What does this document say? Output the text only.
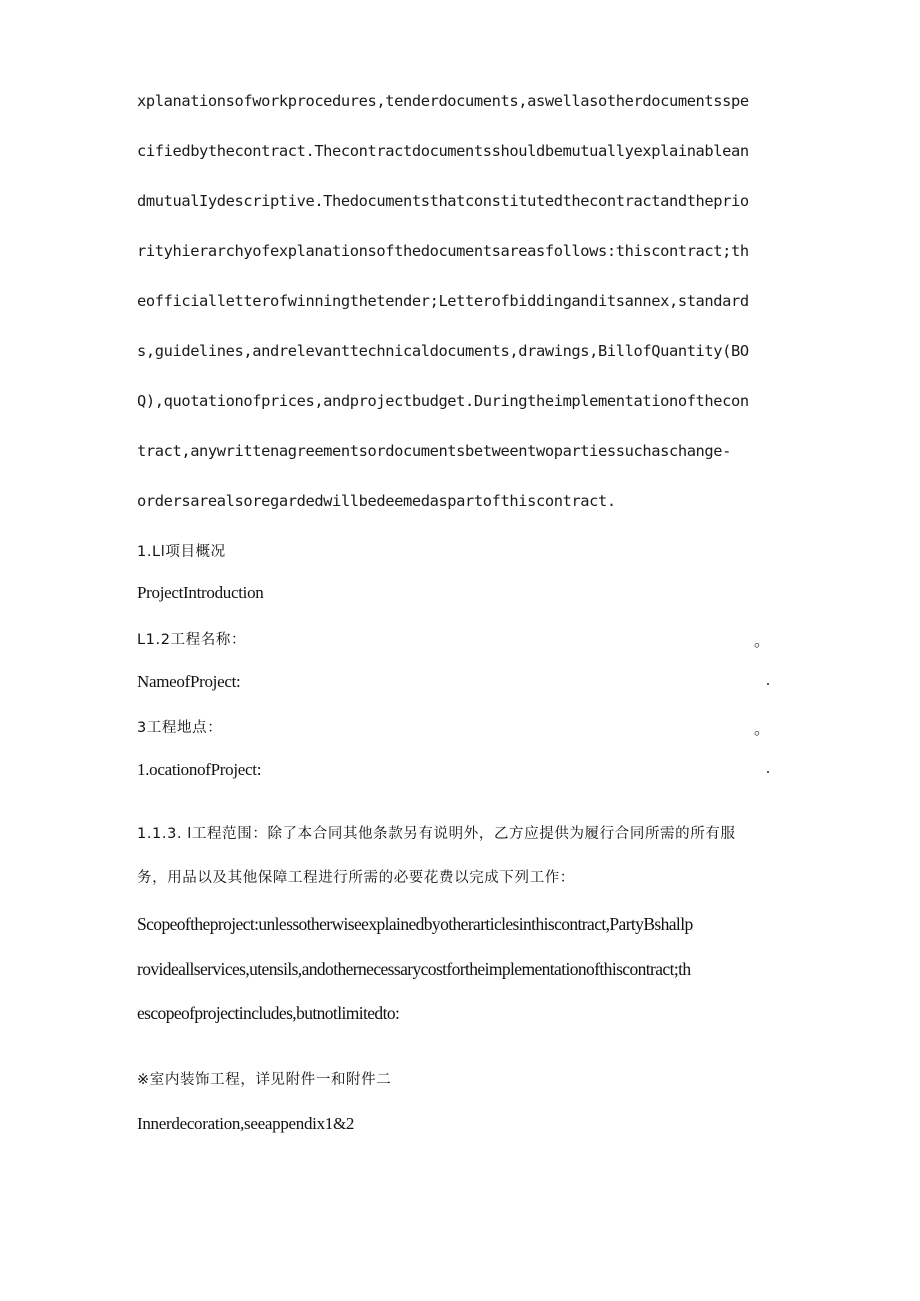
xplanationsofworkprocedures,tenderdocuments,aswellasotherdocumentsspe
cifiedbythecontract.Thecontractdocumentsshouldbemutuallyexplainablean
dmutualIydescriptive.Thedocumentsthatconstitutedthecontractandthepri​o
rityhierarchyofexplanationsofthedocumentsareasfollows:thiscontract;th
eofficialletterofwinningthetender;Letterofbiddinganditsannex,standard
s,guidelines,andrelevanttechnicaldocuments,drawings,BillofQuantity(BO
Q),quotationofprices,andprojectbudget.Duringtheimplementationofthecon
tract,anywrittenagreementsordocumentsbetweentwopartiessuchaschange-
ordersarealsoregardedwillbedeemedaspartofthiscontract.
1.Ll项目概况
ProjectIntroduction
L1.2工程名称：	。
NameofProject:	.
3工程地点：	。
1.ocationofProject:	.
1.1.3. l工程范围：除了本合同其他条款另有说明外，乙方应提供为履行合同所需的所有服
务，用品以及其他保障工程进行所需的必要花费以完成下列工作：
Scopeoftheproject:unlessotherwiseexplainedbyotherarticlesinthiscontract,PartyBshallp
rovideallservices,utensils,andothernecessarycostfortheimplementationofthiscontract;th
escopeofprojectincludes,butnotlimitedto:
※室内装饰工程，详见附件一和附件二
Innerdecoration,seeappendix1&2
